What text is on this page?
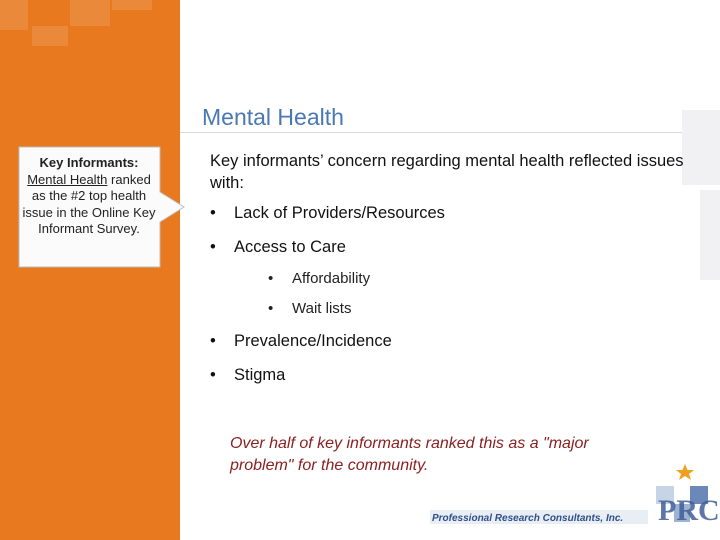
Mental Health
Key Informants:
Mental Health ranked as the #2 top health issue in the Online Key Informant Survey.
Key informants’ concern regarding mental health reflected issues with:
• Lack of Providers/Resources
• Access to Care
• Affordability
• Wait lists
• Prevalence/Incidence
• Stigma
Over half of key informants ranked this as a "major problem" for the community.
Professional Research Consultants, Inc. PRC
